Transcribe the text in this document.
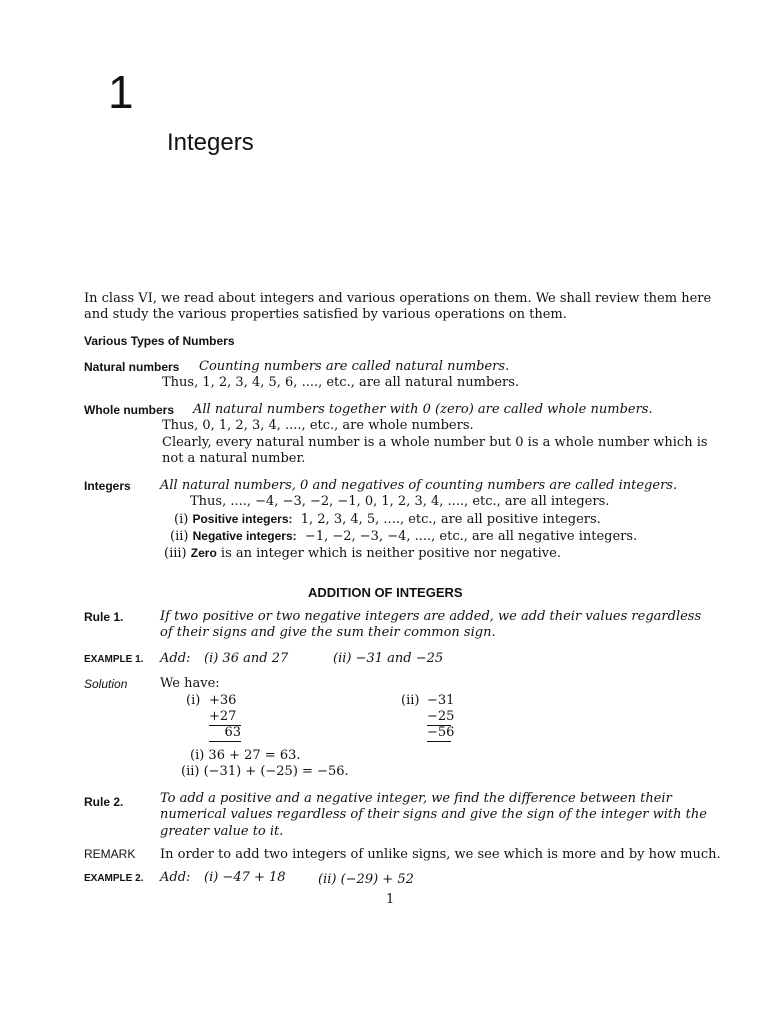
1
Integers
In class VI, we read about integers and various operations on them. We shall review them here
and study the various properties satisfied by various operations on them.
Various Types of Numbers
Natural numbers Counting numbers are called natural numbers.
Thus, 1, 2, 3, 4, 5, 6, ...., etc., are all natural numbers.
Whole numbers All natural numbers together with 0 (zero) are called whole numbers.
Thus, 0, 1, 2, 3, 4, ...., etc., are whole numbers.
Clearly, every natural number is a whole number but 0 is a whole number which is
not a natural number.
Integers All natural numbers, 0 and negatives of counting numbers are called integers.
Thus, ...., −4, −3, −2, −1, 0, 1, 2, 3, 4, ...., etc., are all integers.
(i) Positive integers: 1, 2, 3, 4, 5, ...., etc., are all positive integers.
(ii) Negative integers: −1, −2, −3, −4, ...., etc., are all negative integers.
(iii) Zero is an integer which is neither positive nor negative.
ADDITION OF INTEGERS
Rule 1.	If two positive or two negative integers are added, we add their values regardless
of their signs and give the sum their common sign.
EXAMPLE 1. Add: (i) 36 and 27	(ii) −31 and −25
Solution	We have:
(i) +36
+27
63
(ii) −31
−25
−56
(i) 36 + 27 = 63.
(ii) (−31) + (−25) = −56.
Rule 2.	To add a positive and a negative integer, we find the difference between their
numerical values regardless of their signs and give the sign of the integer with the
greater value to it.
REMARK In order to add two integers of unlike signs, we see which is more and by how much.
EXAMPLE 2. Add: (i) −47 + 18 (ii) (−29) + 52
1
